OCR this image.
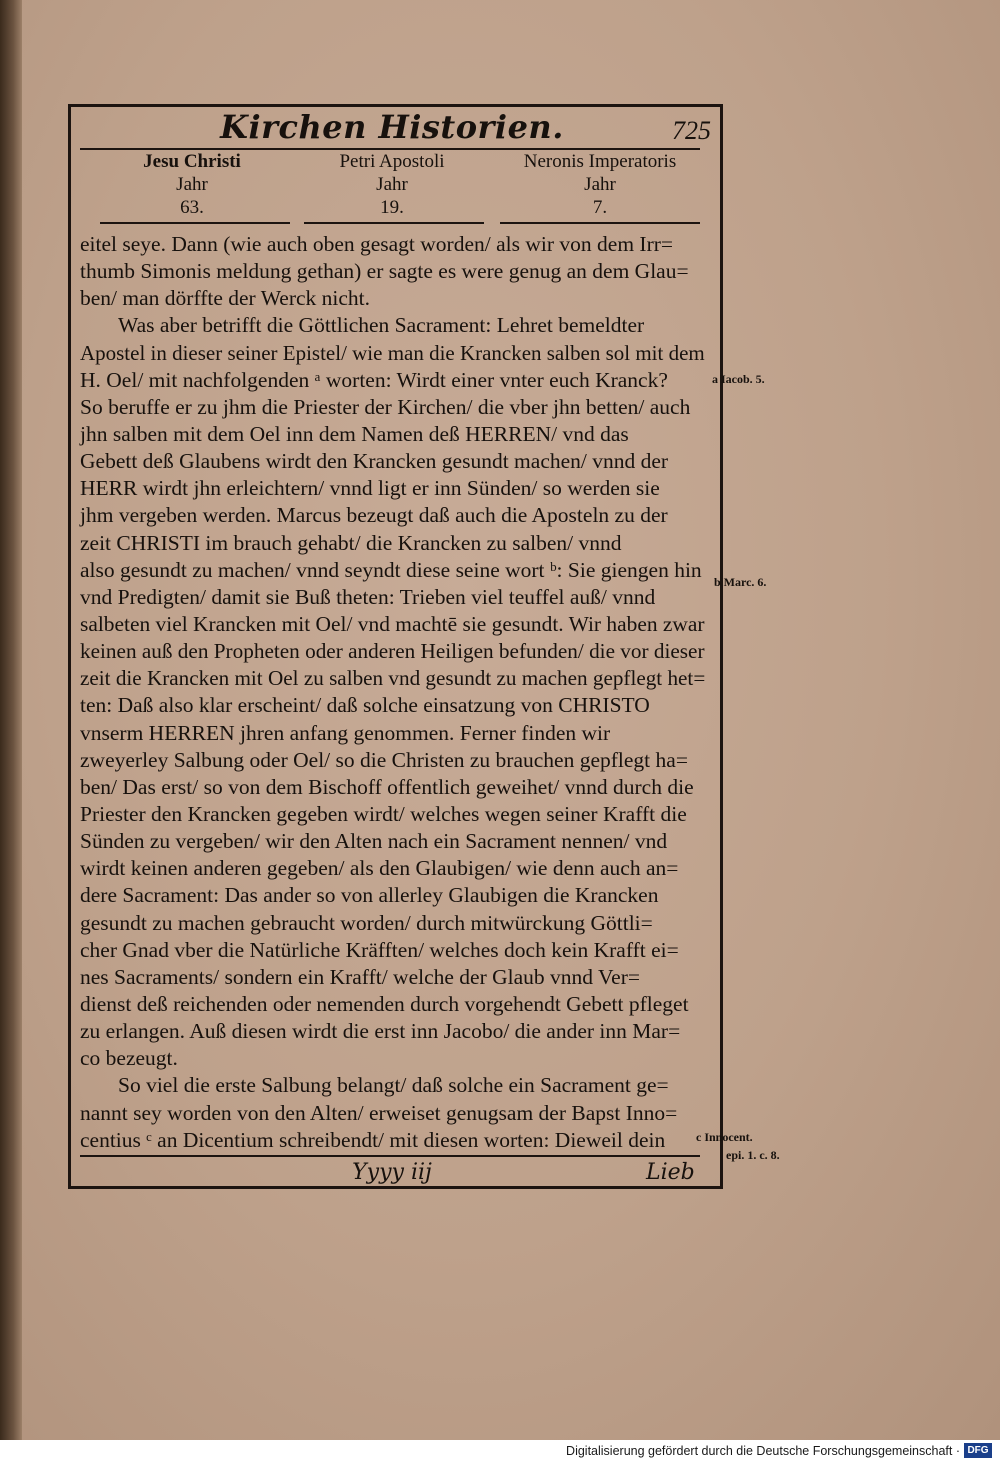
Kirchen Historien.	725
Jesu Christi
Jahr
63.
Petri Apostoli
Jahr
19.
Neronis Imperatoris
Jahr
7.
eitel seye. Dann (wie auch oben gesagt worden/ als wir von dem Irr=
thumb Simonis meldung gethan) er sagte es were genug an dem Glau=
ben/ man dörffte der Werck nicht.
Was aber betrifft die Göttlichen Sacrament: Lehret bemeldter
Apostel in dieser seiner Epistel/ wie man die Krancken salben sol mit dem
H. Oel/ mit nachfolgenden ᵃ worten: Wirdt einer vnter euch Kranck?
So beruffe er zu jhm die Priester der Kirchen/ die vber jhn betten/ auch
jhn salben mit dem Oel inn dem Namen deß HERREN/ vnd das
Gebett deß Glaubens wirdt den Krancken gesundt machen/ vnnd der
HERR wirdt jhn erleichtern/ vnnd ligt er inn Sünden/ so werden sie
jhm vergeben werden. Marcus bezeugt daß auch die Aposteln zu der
zeit CHRISTI im brauch gehabt/ die Krancken zu salben/ vnnd
also gesundt zu machen/ vnnd seyndt diese seine wort ᵇ: Sie giengen hin
vnd Predigten/ damit sie Buß theten: Trieben viel teuffel auß/ vnnd
salbeten viel Krancken mit Oel/ vnd machtē sie gesundt. Wir haben zwar
keinen auß den Propheten oder anderen Heiligen befunden/ die vor dieser
zeit die Krancken mit Oel zu salben vnd gesundt zu machen gepflegt het=
ten: Daß also klar erscheint/ daß solche einsatzung von CHRISTO
vnserm HERREN jhren anfang genommen. Ferner finden wir
zweyerley Salbung oder Oel/ so die Christen zu brauchen gepflegt ha=
ben/ Das erst/ so von dem Bischoff offentlich geweihet/ vnnd durch die
Priester den Krancken gegeben wirdt/ welches wegen seiner Krafft die
Sünden zu vergeben/ wir den Alten nach ein Sacrament nennen/ vnd
wirdt keinen anderen gegeben/ als den Glaubigen/ wie denn auch an=
dere Sacrament: Das ander so von allerley Glaubigen die Krancken
gesundt zu machen gebraucht worden/ durch mitwürckung Göttli=
cher Gnad vber die Natürliche Kräfften/ welches doch kein Krafft ei=
nes Sacraments/ sondern ein Krafft/ welche der Glaub vnnd Ver=
dienst deß reichenden oder nemenden durch vorgehendt Gebett pfleget
zu erlangen. Auß diesen wirdt die erst inn Jacobo/ die ander inn Mar=
co bezeugt.
So viel die erste Salbung belangt/ daß solche ein Sacrament ge=
nannt sey worden von den Alten/ erweiset genugsam der Bapst Inno=
centius ᶜ an Dicentium schreibendt/ mit diesen worten: Dieweil dein
a Iacob. 5.
b Marc. 6.
c Innocent.
epi. 1. c. 8.
Yyyy iij	Lieb
Digitalisierung gefördert durch die Deutsche Forschungsgemeinschaft · DFG
